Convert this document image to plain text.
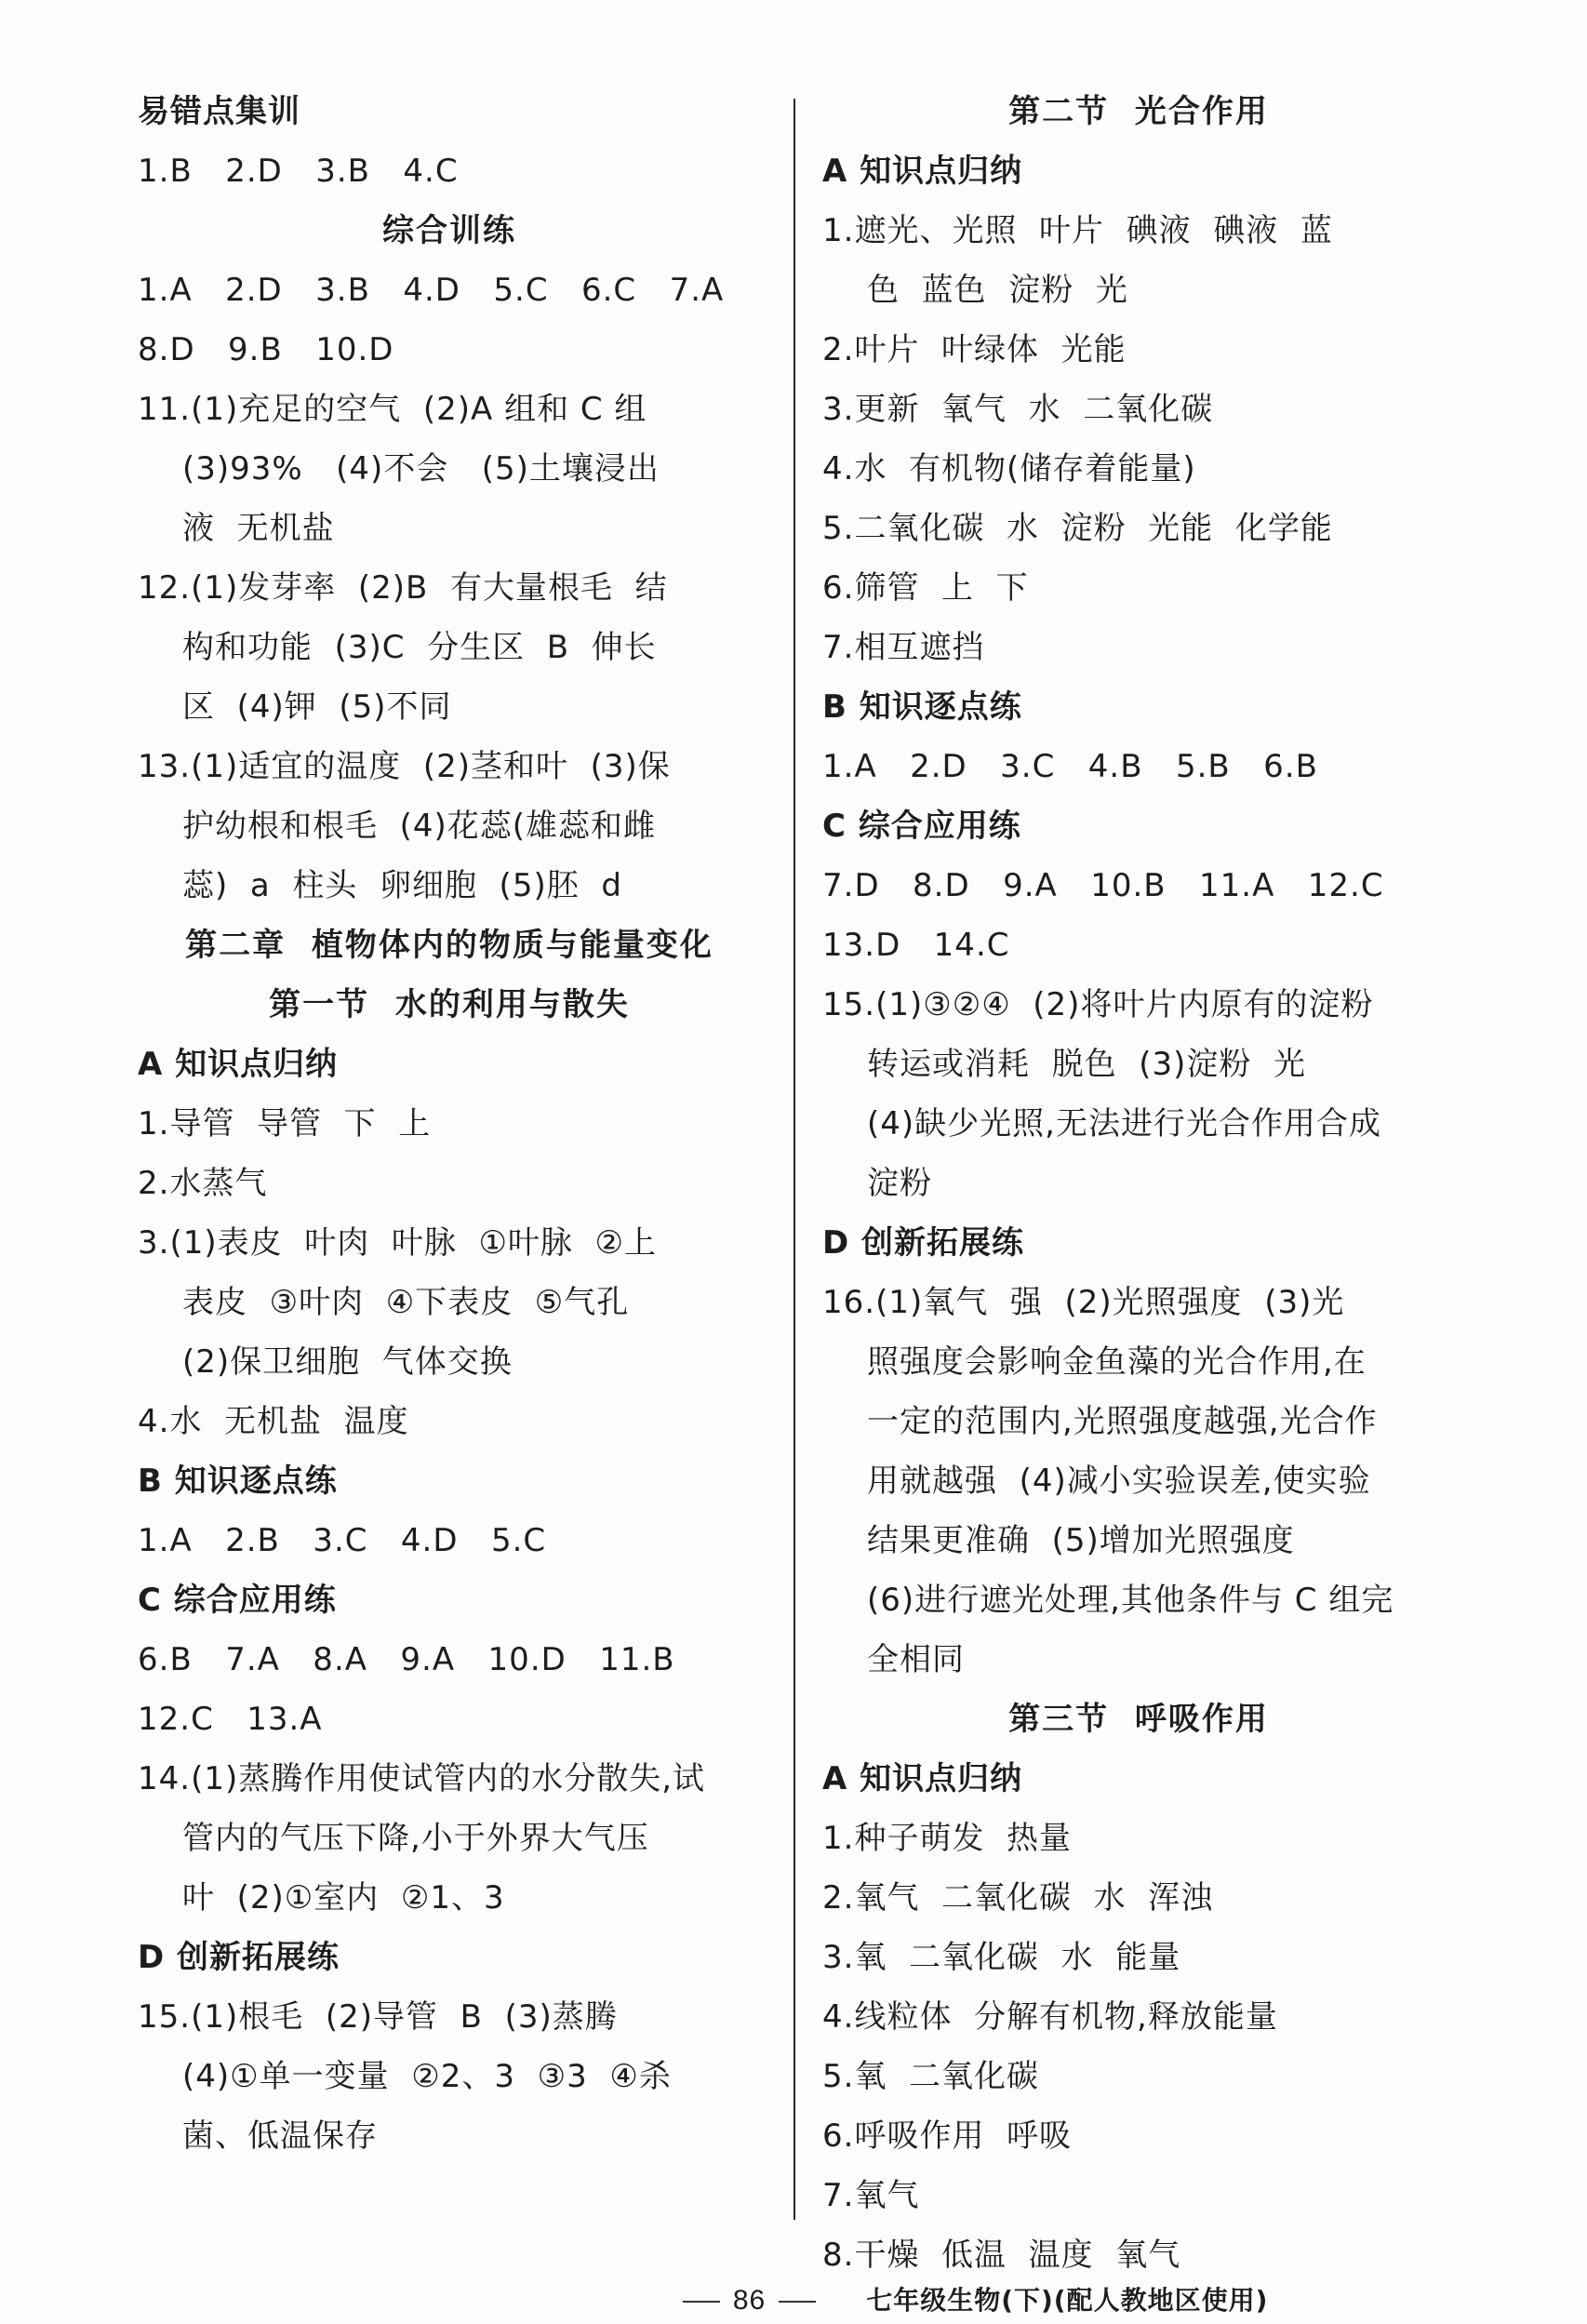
易错点集训
1.B   2.D   3.B   4.C
综合训练
1.A   2.D   3.B   4.D   5.C   6.C   7.A
8.D   9.B   10.D
11.(1)充足的空气  (2)A 组和 C 组
(3)93%   (4)不会   (5)土壤浸出
液  无机盐
12.(1)发芽率  (2)B  有大量根毛  结
构和功能  (3)C  分生区  B  伸长
区  (4)钾  (5)不同
13.(1)适宜的温度  (2)茎和叶  (3)保
护幼根和根毛  (4)花蕊(雄蕊和雌
蕊)  a  柱头  卵细胞  (5)胚  d
第二章  植物体内的物质与能量变化
第一节  水的利用与散失
A 知识点归纳
1.导管  导管  下  上
2.水蒸气
3.(1)表皮  叶肉  叶脉  ①叶脉  ②上
表皮  ③叶肉  ④下表皮  ⑤气孔
(2)保卫细胞  气体交换
4.水  无机盐  温度
B 知识逐点练
1.A   2.B   3.C   4.D   5.C
C 综合应用练
6.B   7.A   8.A   9.A   10.D   11.B
12.C   13.A
14.(1)蒸腾作用使试管内的水分散失,试
管内的气压下降,小于外界大气压
叶  (2)①室内  ②1、3
D 创新拓展练
15.(1)根毛  (2)导管  B  (3)蒸腾
(4)①单一变量  ②2、3  ③3  ④杀
菌、低温保存
第二节  光合作用
A 知识点归纳
1.遮光、光照  叶片  碘液  碘液  蓝
色  蓝色  淀粉  光
2.叶片  叶绿体  光能
3.更新  氧气  水  二氧化碳
4.水  有机物(储存着能量)
5.二氧化碳  水  淀粉  光能  化学能
6.筛管  上  下
7.相互遮挡
B 知识逐点练
1.A   2.D   3.C   4.B   5.B   6.B
C 综合应用练
7.D   8.D   9.A   10.B   11.A   12.C
13.D   14.C
15.(1)③②④  (2)将叶片内原有的淀粉
转运或消耗  脱色  (3)淀粉  光
(4)缺少光照,无法进行光合作用合成
淀粉
D 创新拓展练
16.(1)氧气  强  (2)光照强度  (3)光
照强度会影响金鱼藻的光合作用,在
一定的范围内,光照强度越强,光合作
用就越强  (4)减小实验误差,使实验
结果更准确  (5)增加光照强度
(6)进行遮光处理,其他条件与 C 组完
全相同
第三节  呼吸作用
A 知识点归纳
1.种子萌发  热量
2.氧气  二氧化碳  水  浑浊
3.氧  二氧化碳  水  能量
4.线粒体  分解有机物,释放能量
5.氧  二氧化碳
6.呼吸作用  呼吸
7.氧气
8.干燥  低温  温度  氧气

86	七年级生物(下)(配人教地区使用)
